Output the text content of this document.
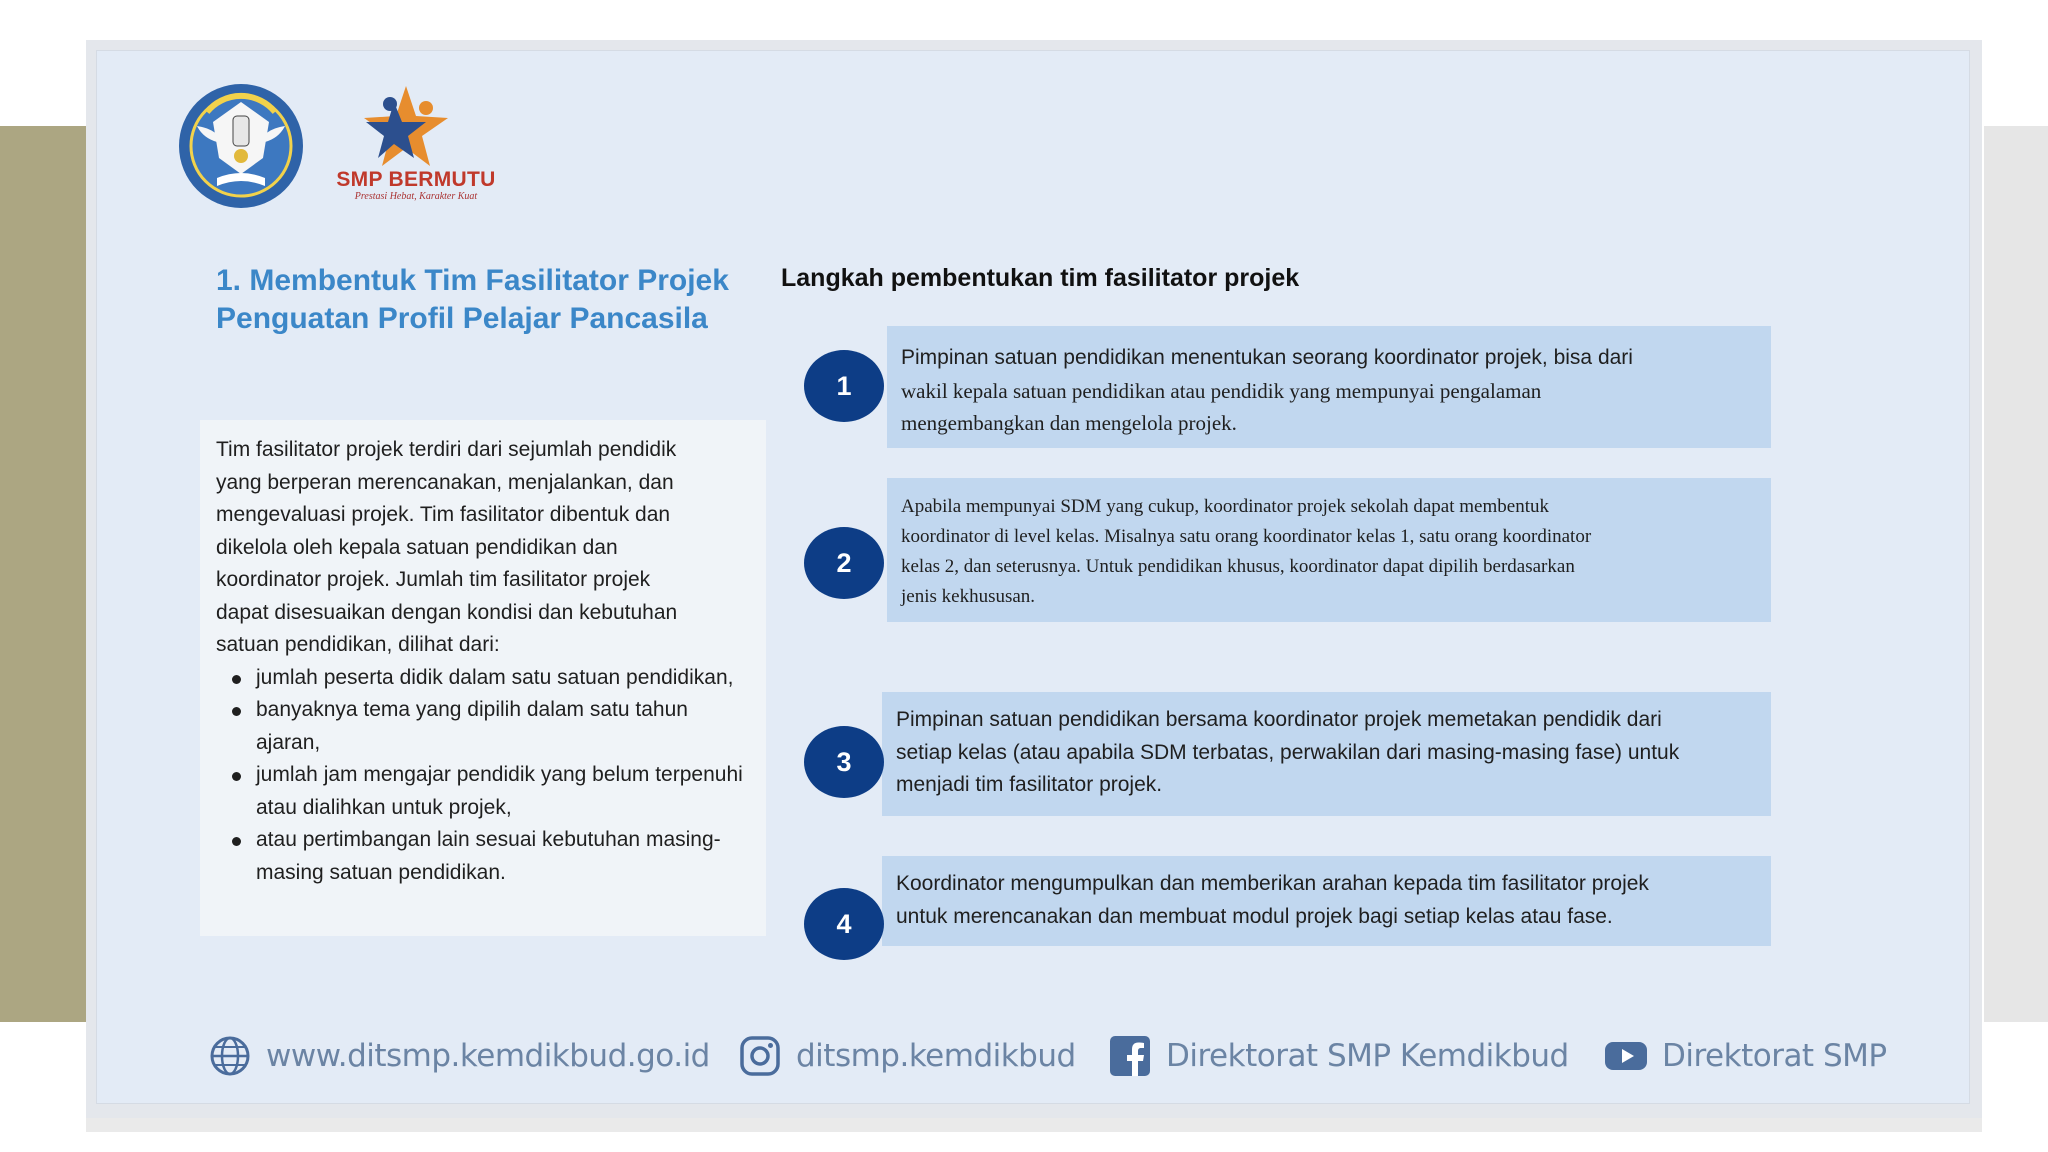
SMP BERMUTU
Prestasi Hebat, Karakter Kuat
1. Membentuk Tim Fasilitator Projek Penguatan Profil Pelajar Pancasila

Tim fasilitator projek terdiri dari sejumlah pendidik
yang berperan merencanakan, menjalankan, dan
mengevaluasi projek. Tim fasilitator dibentuk dan
dikelola oleh kepala satuan pendidikan dan
koordinator projek. Jumlah tim fasilitator projek
dapat disesuaikan dengan kondisi dan kebutuhan
satuan pendidikan, dilihat dari:

jumlah peserta didik dalam satu satuan pendidikan,
banyaknya tema yang dipilih dalam satu tahun ajaran,
jumlah jam mengajar pendidik yang belum terpenuhi atau dialihkan untuk projek,
atau pertimbangan lain sesuai kebutuhan masing-masing satuan pendidikan.
Langkah pembentukan tim fasilitator projek
Pimpinan satuan pendidikan menentukan seorang koordinator projek, bisa dari
wakil kepala satuan pendidikan atau pendidik yang mempunyai pengalaman
mengembangkan dan mengelola projek.
1
Apabila mempunyai SDM yang cukup, koordinator projek sekolah dapat membentuk
koordinator di level kelas. Misalnya satu orang koordinator kelas 1, satu orang koordinator
kelas 2, dan seterusnya. Untuk pendidikan khusus, koordinator dapat dipilih berdasarkan
jenis kekhususan.
2
Pimpinan satuan pendidikan bersama koordinator projek memetakan pendidik dari
setiap kelas (atau apabila SDM terbatas, perwakilan dari masing-masing fase) untuk
menjadi tim fasilitator projek.
3
Koordinator mengumpulkan dan memberikan arahan kepada tim fasilitator projek
untuk merencanakan dan membuat modul projek bagi setiap kelas atau fase.
4
www.ditsmp.kemdikbud.go.id	ditsmp.kemdikbud	Direktorat SMP Kemdikbud	Direktorat SMP
